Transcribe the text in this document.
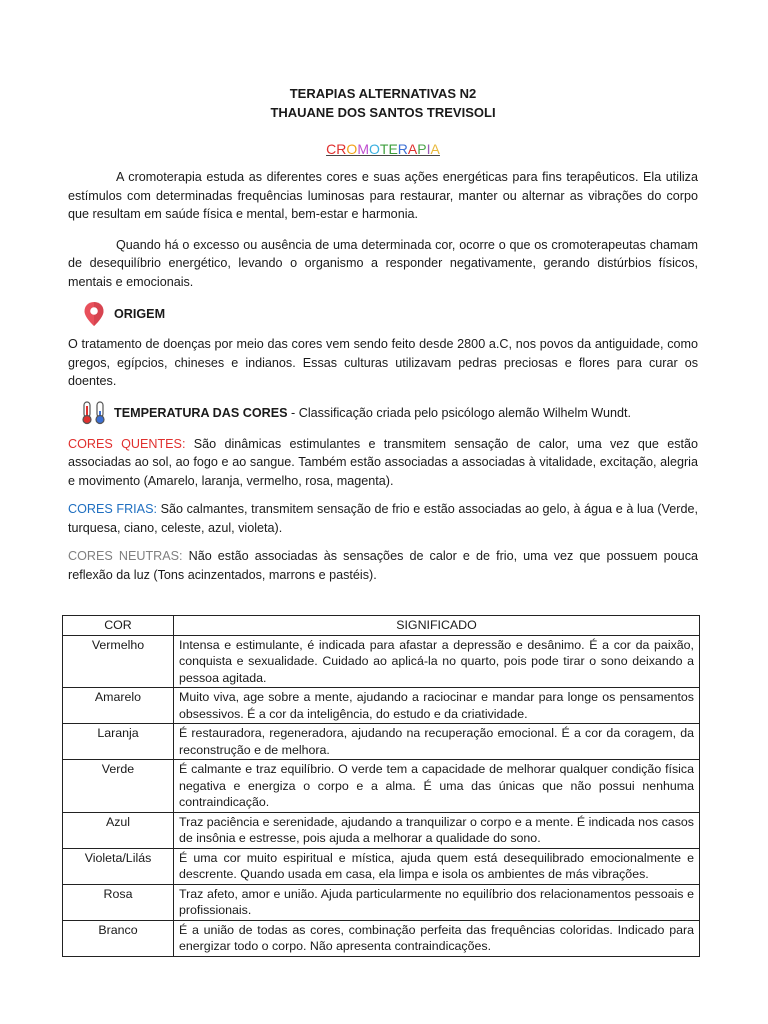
TERAPIAS ALTERNATIVAS N2
THAUANE DOS SANTOS TREVISOLI
CROMOTERAPIA

A cromoterapia estuda as diferentes cores e suas ações energéticas para fins terapêuticos. Ela utiliza estímulos com determinadas frequências luminosas para restaurar, manter ou alternar as vibrações do corpo que resultam em saúde física e mental, bem-estar e harmonia.

Quando há o excesso ou ausência de uma determinada cor, ocorre o que os cromoterapeutas chamam de desequilíbrio energético, levando o organismo a responder negativamente, gerando distúrbios físicos, mentais e emocionais.

ORIGEM

O tratamento de doenças por meio das cores vem sendo feito desde 2800 a.C, nos povos da antiguidade, como gregos, egípcios, chineses e indianos. Essas culturas utilizavam pedras preciosas e flores para curar os doentes.

TEMPERATURA DAS CORES - Classificação criada pelo psicólogo alemão Wilhelm Wundt.

CORES QUENTES: São dinâmicas estimulantes e transmitem sensação de calor, uma vez que estão associadas ao sol, ao fogo e ao sangue. Também estão associadas a associadas à vitalidade, excitação, alegria e movimento (Amarelo, laranja, vermelho, rosa, magenta).

CORES FRIAS: São calmantes, transmitem sensação de frio e estão associadas ao gelo, à água e à lua (Verde, turquesa, ciano, celeste, azul, violeta).

CORES NEUTRAS: Não estão associadas às sensações de calor e de frio, uma vez que possuem pouca reflexão da luz (Tons acinzentados, marrons e pastéis).

COR	SIGNIFICADO
Vermelho	Intensa e estimulante, é indicada para afastar a depressão e desânimo. É a cor da paixão, conquista e sexualidade. Cuidado ao aplicá-la no quarto, pois pode tirar o sono deixando a pessoa agitada.
Amarelo	Muito viva, age sobre a mente, ajudando a raciocinar e mandar para longe os pensamentos obsessivos. É a cor da inteligência, do estudo e da criatividade.
Laranja	É restauradora, regeneradora, ajudando na recuperação emocional. É a cor da coragem, da reconstrução e de melhora.
Verde	É calmante e traz equilíbrio. O verde tem a capacidade de melhorar qualquer condição física negativa e energiza o corpo e a alma. É uma das únicas que não possui nenhuma contraindicação.
Azul	Traz paciência e serenidade, ajudando a tranquilizar o corpo e a mente. É indicada nos casos de insônia e estresse, pois ajuda a melhorar a qualidade do sono.
Violeta/Lilás	É uma cor muito espiritual e mística, ajuda quem está desequilibrado emocionalmente e descrente. Quando usada em casa, ela limpa e isola os ambientes de más vibrações.
Rosa	Traz afeto, amor e união. Ajuda particularmente no equilíbrio dos relacionamentos pessoais e profissionais.
Branco	É a união de todas as cores, combinação perfeita das frequências coloridas. Indicado para energizar todo o corpo. Não apresenta contraindicações.
